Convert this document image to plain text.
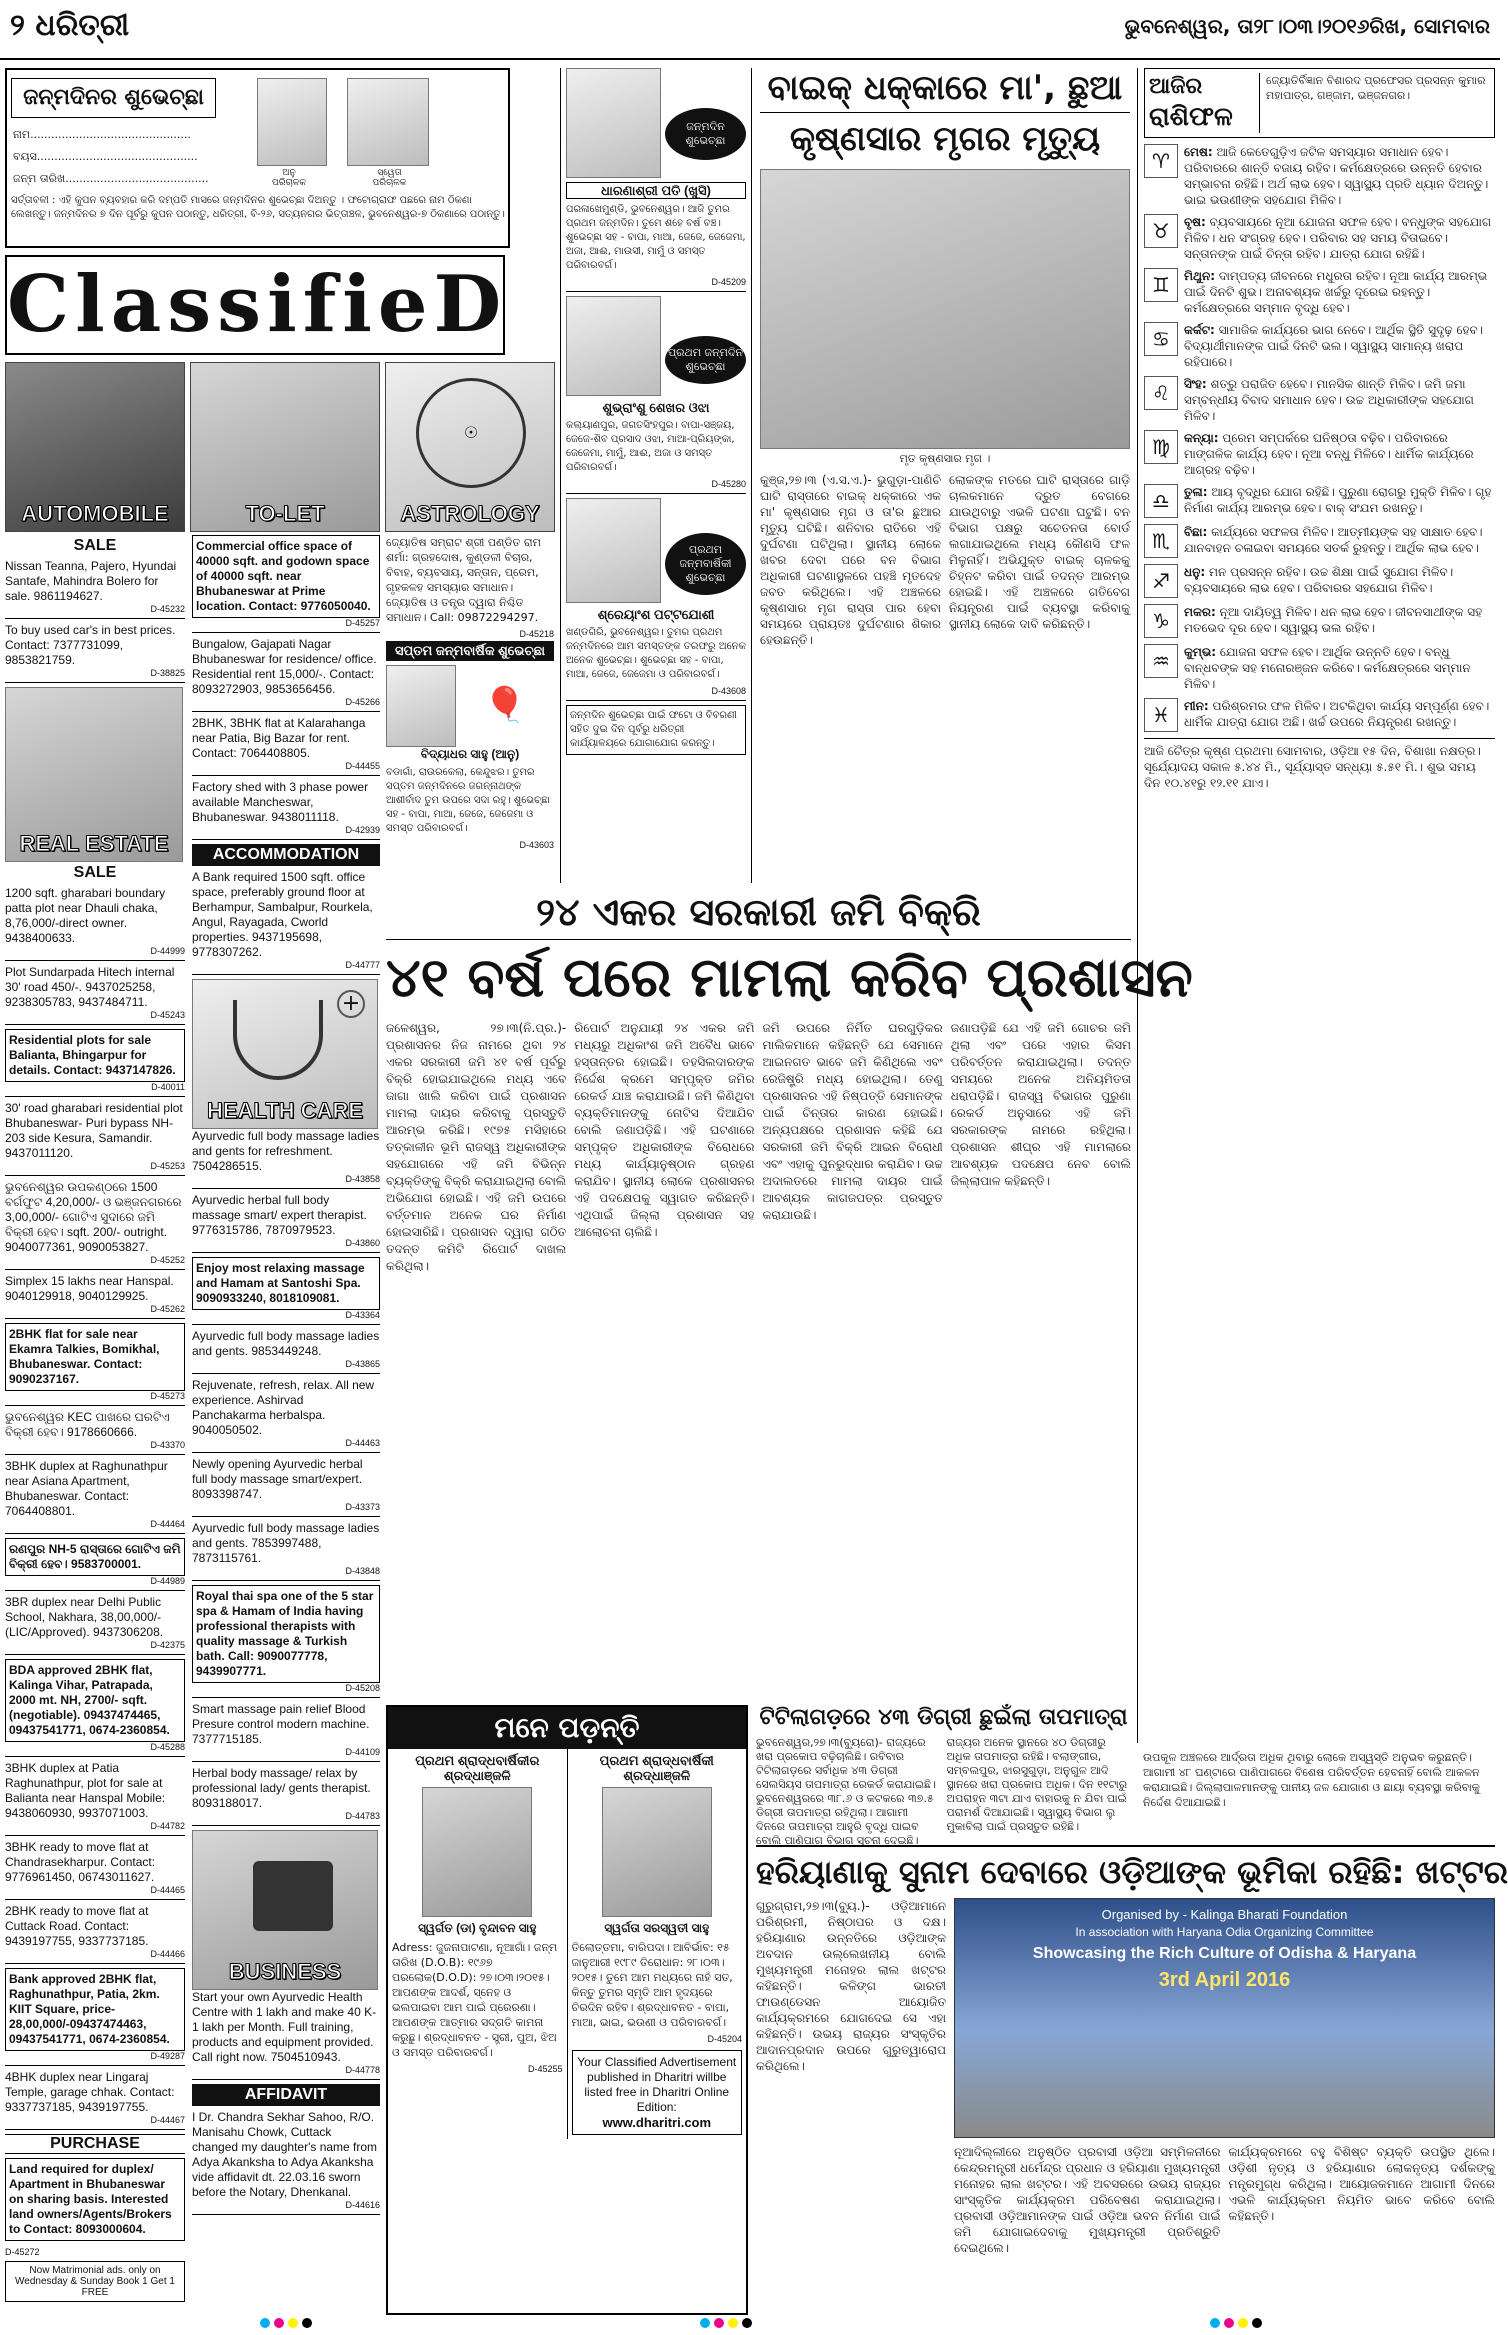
୨ ଧରିତ୍ରୀ	ଭୁବନେଶ୍ୱର, ତା୨୮।୦୩।୨୦୧୬ରିଖ, ସୋମବାର
ଜନ୍ମଦିନର ଶୁଭେଚ୍ଛା
ନାମ..............................................
ବୟସ..............................................
ଜନ୍ମ ତାରିଖ.........................................	ଅନୁ
ପରିଚାଳକ
ସ୍ୱେତା
ପରିଚାଳକ
ସର୍ତ୍ତାବଳୀ : ଏହି କୁପନ ବ୍ୟବହାର କରି ଦମ୍ପତି ମାସରେ ଜନ୍ମଦିନର ଶୁଭେଚ୍ଛା ଦିଅନ୍ତୁ । ଫଟୋଗ୍ରାଫ ପଛରେ ନାମ ଠିକଣା ଲେଖନ୍ତୁ। ଜନ୍ମଦିନର ୭ ଦିନ ପୂର୍ବରୁ କୁପନ ପଠାନ୍ତୁ, ଧରିତ୍ରୀ, ବି-୨୬, ସତ୍ୟନଗର ଭିତ୍ତାଞ୍ଚଳ, ଭୁବନେଶ୍ୱର-୭ ଠିକଣାରେ ପଠାନ୍ତୁ।
ClassifieD
AUTOMOBILE	TO-LET
☉
ASTROLOGY
SALE
Nissan Teanna, Pajero, Hyundai Santafe, Mahindra Bolero for sale. 9861194627.
D-45232
To buy used car's in best prices. Contact: 7377731099, 9853821759.
D-38825
REAL ESTATE
SALE
1200 sqft. gharabari boundary patta plot near Dhauli chaka, 8,76,000/-direct owner. 9438400633.
D-44999
Plot Sundarpada Hitech internal 30' road 450/-. 9437025258, 9238305783, 9437484711.
D-45243
Residential plots for sale Balianta, Bhingarpur for details. Contact: 9437147826.
D-40011
30' road gharabari residential plot Bhubaneswar- Puri bypass NH-203 side Kesura, Samandir. 9437011120.
D-45253
ଭୁବନେଶ୍ୱର ଉପକଣ୍ଠରେ 1500 ବର୍ଗଫୁଟ 4,20,000/- ଓ ଭଞ୍ଜନଗରରେ 3,00,000/- ଗୋଟିଏ ସୁଦାରେ ଜମି ବିକ୍ରୀ ହେବ। sqft. 200/- outright. 9040077361, 9090053827.
D-45252
Simplex 15 lakhs near Hanspal. 9040129918, 9040129925.
D-45262
2BHK flat for sale near Ekamra Talkies, Bomikhal, Bhubaneswar. Contact: 9090237167.
D-45273
ଭୁବନେଶ୍ୱର KEC ପାଖରେ ଘରଟିଏ ବିକ୍ରୀ ହେବ। 9178660666.
D-43370
3BHK duplex at Raghunathpur near Asiana Apartment, Bhubaneswar. Contact: 7064408801.
D-44464
ରଣପୁର NH-5 ରାସ୍ତାରେ ଗୋଟିଏ ଜମି ବିକ୍ରୀ ହେବ। 9583700001.
D-44989
3BR duplex near Delhi Public School, Nakhara, 38,00,000/- (LIC/Approved). 9437306208.
D-42375
BDA approved 2BHK flat, Kalinga Vihar, Patrapada, 2000 mt. NH, 2700/- sqft. (negotiable). 09437474465, 09437541771, 0674-2360854.
D-45288
3BHK duplex at Patia Raghunathpur, plot for sale at Balianta near Hanspal Mobile: 9438060930, 9937071003.
D-44782
3BHK ready to move flat at Chandrasekharpur. Contact: 9776961450, 06743011627.
D-44465
2BHK ready to move flat at Cuttack Road. Contact: 9439197755, 9337737185.
D-44466
Bank approved 2BHK flat, Raghunathpur, Patia, 2km. KIIT Square, price-28,00,000/-09437474463, 09437541771, 0674-2360854.
D-49287
4BHK duplex near Lingaraj Temple, garage chhak. Contact: 9337737185, 9439197755.
D-44467
PURCHASE
Land required for duplex/ Apartment in Bhubaneswar on sharing basis. Interested land owners/Agents/Brokers to Contact: 8093000604.
D-45272
Now Matrimonial ads. only on Wednesday & Sunday Book 1 Get 1 FREE
Commercial office space of 40000 sqft. and godown space of 40000 sqft. near Bhubaneswar at Prime location. Contact: 9776050040.
D-45257
Bungalow, Gajapati Nagar Bhubaneswar for residence/ office. Residential rent 15,000/-. Contact: 8093272903, 9853656456.
D-45266
2BHK, 3BHK flat at Kalarahanga near Patia, Big Bazar for rent. Contact: 7064408805.
D-44455
Factory shed with 3 phase power available Mancheswar, Bhubaneswar. 9438011118.
D-42939
ACCOMMODATION
A Bank required 1500 sqft. office space, preferably ground floor at Berhampur, Sambalpur, Rourkela, Angul, Rayagada, Cworld properties. 9437195698, 9778307262.
D-44777
+
HEALTH CARE
Ayurvedic full body massage ladies and gents for refreshment. 7504286515.
D-43858
Ayurvedic herbal full body massage smart/ expert therapist. 9776315786, 7870979523.
D-43860
Enjoy most relaxing massage and Hamam at Santoshi Spa. 9090933240, 8018109081.
D-43364
Ayurvedic full body massage ladies and gents. 9853449248.
D-43865
Rejuvenate, refresh, relax. All new experience. Ashirvad Panchakarma herbalspa. 9040050502.
D-44463
Newly opening Ayurvedic herbal full body massage smart/expert. 8093398747.
D-43373
Ayurvedic full body massage ladies and gents. 7853997488, 7873115761.
D-43848
Royal thai spa one of the 5 star spa & Hamam of India having professional therapists with quality massage & Turkish bath. Call: 9090077778, 9439907771.
D-45208
Smart massage pain relief Blood Presure control modern machine. 7377715185.
D-44109
Herbal body massage/ relax by professional lady/ gents therapist. 8093188017.
D-44783
BUSINESS
Start your own Ayurvedic Health Centre with 1 lakh and make 40 K-1 lakh per Month. Full training, products and equipment provided. Call right now. 7504510943.
D-44778
AFFIDAVIT
I Dr. Chandra Sekhar Sahoo, R/O. Manisahu Chowk, Cuttack changed my daughter's name from Adya Akanksha to Adya Akanksha vide affidavit dt. 22.03.16 sworn before the Notary, Dhenkanal.
D-44616
ଜ୍ୟୋତିଷ ସମ୍ରାଟ ଶ୍ରୀ ପଣ୍ଡିତ ରାମ ଶର୍ମା: ଗ୍ରହଦୋଷ, କୁଣ୍ଡଳୀ ବିଚାର, ବିବାହ, ବ୍ୟବସାୟ, ସନ୍ତାନ, ପ୍ରେମ, ଗୃହକଳହ ସମସ୍ୟାର ସମାଧାନ। ଜ୍ୟୋତିଷ ଓ ତନ୍ତ୍ର ଦ୍ୱାରା ନିଶ୍ଚିତ ସମାଧାନ। Call: 09872294297.
D-45218
ସପ୍ତମ ଜନ୍ମବାର୍ଷିକ ଶୁଭେଚ୍ଛା
🎈
ବିଦ୍ୟାଧର ସାହୁ (ଆନୁ)
ବଡାଗାଁ, ରାଉରକେଲା, କେନ୍ଦୁଝର। ତୁମର ସପ୍ତମ ଜନ୍ମଦିନରେ ଜଗନ୍ନାଥଙ୍କ ଆଶୀର୍ବାଦ ତୁମ ଉପରେ ସଦା ରହୁ। ଶୁଭେଚ୍ଛା ସହ - ବାପା, ମାଆ, ଜେଜେ, ଜେଜେମା ଓ ସମସ୍ତ ପରିବାରବର୍ଗ।
D-43603
ଜନ୍ମଦିନ ଶୁଭେଚ୍ଛା
ଧାରଣାଶ୍ରୀ ପତି (ଖୁସି)
ପରଳାଖେମୁଣ୍ଡି, ଭୁବନେଶ୍ୱର। ଆଜି ତୁମର ପ୍ରଥମ ଜନ୍ମଦିନ। ତୁମେ ଶହେ ବର୍ଷ ବଞ୍ଚ। ଶୁଭେଚ୍ଛା ସହ - ବାପା, ମାଆ, ଜେଜେ, ଜେଜେମା, ଅଜା, ଆଈ, ମାଉସୀ, ମାମୁଁ ଓ ସମସ୍ତ ପରିବାରବର୍ଗ।
D-45209
ପ୍ରଥମ ଜନ୍ମଦିନ ଶୁଭେଚ୍ଛା
ଶୁଭ୍ରାଂଶୁ ଶେଖର ଓଝା
କଲ୍ୟାଣପୁର, ଜଗତସିଂହପୁର। ବାପା-ସଞ୍ଜୟ, ଜେଜେ-ଶିବ ପ୍ରସାଦ ଓଝା, ମାଆ-ପ୍ରିୟଙ୍କା, ଜେଜେମା, ମାମୁଁ, ଆଈ, ଅଜା ଓ ସମସ୍ତ ପରିବାରବର୍ଗ।
D-45280
ପ୍ରଥମ ଜନ୍ମବାର୍ଷିକୀ ଶୁଭେଚ୍ଛା
ଶ୍ରେୟାଂଶ ପଟ୍ଟଯୋଶୀ
ଖଣ୍ଡଗିରି, ଭୁବନେଶ୍ୱର। ତୁମର ପ୍ରଥମ ଜନ୍ମଦିନରେ ଆମ ସମସ୍ତଙ୍କ ତରଫରୁ ଅନେକ ଅନେକ ଶୁଭେଚ୍ଛା। ଶୁଭେଚ୍ଛା ସହ - ବାପା, ମାଆ, ଜେଜେ, ଜେଜେମା ଓ ପରିବାରବର୍ଗ।
D-43608
ଜନ୍ମଦିନ ଶୁଭେଚ୍ଛା ପାଇଁ ଫଟୋ ଓ ବିବରଣୀ ସହିତ ଦୁଇ ଦିନ ପୂର୍ବରୁ ଧରିତ୍ରୀ କାର୍ଯ୍ୟାଳୟରେ ଯୋଗାଯୋଗ କରନ୍ତୁ।
ବାଇକ୍ ଧକ୍କାରେ ମା', ଛୁଆ
କୃଷ୍ଣସାର ମୃଗର ମୃତ୍ୟୁ
ମୃତ କୃଷ୍ଣସାର ମୃଗ ।
କୁଞ୍ଜ,୨୭।୩ (ଏ.ସ.ଏ.)- ଭୁଗୁଡ଼ା-ପାଣିଚି ଘାଟି ରାସ୍ତାରେ ବାଇକ୍ ଧକ୍କାରେ ଏକ ମା' କୃଷ୍ଣସାର ମୃଗ ଓ ତା'ର ଛୁଆର ମୃତ୍ୟୁ ଘଟିଛି। ଶନିବାର ରାତିରେ ଏହି ଦୁର୍ଘଟଣା ଘଟିଥିଲା। ସ୍ଥାନୀୟ ଲୋକେ ଖବର ଦେବା ପରେ ବନ ବିଭାଗ ଅଧିକାରୀ ଘଟଣାସ୍ଥଳରେ ପହଞ୍ଚି ମୃତଦେହ ଜବତ କରିଥିଲେ। ଏହି ଅଞ୍ଚଳରେ କୃଷ୍ଣସାର ମୃଗ ରାସ୍ତା ପାର ହେବା ସମୟରେ ପ୍ରାୟତଃ ଦୁର୍ଘଟଣାର ଶିକାର ହେଉଛନ୍ତି।
ଲୋକଙ୍କ ମତରେ ଘାଟି ରାସ୍ତାରେ ଗାଡ଼ି ଚାଲକମାନେ ଦ୍ରୁତ ବେଗରେ ଯାଉଥିବାରୁ ଏଭଳି ଘଟଣା ଘଟୁଛି। ବନ ବିଭାଗ ପକ୍ଷରୁ ସଚେତନତା ବୋର୍ଡ ଲଗାଯାଇଥିଲେ ମଧ୍ୟ କୌଣସି ଫଳ ମିଳୁନାହିଁ। ଅଭିଯୁକ୍ତ ବାଇକ୍ ଚାଳକକୁ ଚିହ୍ନଟ କରିବା ପାଇଁ ତଦନ୍ତ ଆରମ୍ଭ ହୋଇଛି। ଏହି ଅଞ୍ଚଳରେ ଗତିବେଗ ନିୟନ୍ତ୍ରଣ ପାଇଁ ବ୍ୟବସ୍ଥା କରିବାକୁ ସ୍ଥାନୀୟ ଲୋକେ ଦାବି କରିଛନ୍ତି।
ଆଜିର
ରାଶିଫଳ
ଜ୍ୟୋତିର୍ବିଜ୍ଞାନ ବିଶାରଦ ପ୍ରଫେସର ପ୍ରସନ୍ନ କୁମାର ମହାପାତ୍ର, ଗଞ୍ଜାମ, ଭଞ୍ଜନଗର।
♈	ମେଷ: ଆଜି କେତେଗୁଡ଼ିଏ ଜଟିଳ ସମସ୍ୟାର ସମାଧାନ ହେବ। ପରିବାରରେ ଶାନ୍ତି ବଜାୟ ରହିବ। କର୍ମକ୍ଷେତ୍ରରେ ଉନ୍ନତି ହେବାର ସମ୍ଭାବନା ରହିଛି। ଅର୍ଥ ଲାଭ ହେବ। ସ୍ୱାସ୍ଥ୍ୟ ପ୍ରତି ଧ୍ୟାନ ଦିଅନ୍ତୁ। ଭାଇ ଭଉଣୀଙ୍କ ସହଯୋଗ ମିଳିବ।
♉	ବୃଷ: ବ୍ୟବସାୟରେ ନୂଆ ଯୋଜନା ସଫଳ ହେବ। ବନ୍ଧୁଙ୍କ ସହଯୋଗ ମିଳିବ। ଧନ ସଂଗ୍ରହ ହେବ। ପରିବାର ସହ ସମୟ ବିତାଇବେ। ସନ୍ତାନଙ୍କ ପାଇଁ ଚିନ୍ତା ରହିବ। ଯାତ୍ରା ଯୋଗ ରହିଛି।
♊	ମିଥୁନ: ଦାମ୍ପତ୍ୟ ଜୀବନରେ ମଧୁରତା ରହିବ। ନୂଆ କାର୍ଯ୍ୟ ଆରମ୍ଭ ପାଇଁ ଦିନଟି ଶୁଭ। ଅନାବଶ୍ୟକ ଖର୍ଚ୍ଚରୁ ଦୂରେଇ ରହନ୍ତୁ। କର୍ମକ୍ଷେତ୍ରରେ ସମ୍ମାନ ବୃଦ୍ଧି ହେବ।
♋	କର୍କଟ: ସାମାଜିକ କାର୍ଯ୍ୟରେ ଭାଗ ନେବେ। ଆର୍ଥିକ ସ୍ଥିତି ସୁଦୃଢ଼ ହେବ। ବିଦ୍ୟାର୍ଥୀମାନଙ୍କ ପାଇଁ ଦିନଟି ଭଲ। ସ୍ୱାସ୍ଥ୍ୟ ସାମାନ୍ୟ ଖରାପ ରହିପାରେ।
♌	ସିଂହ: ଶତ୍ରୁ ପରାଜିତ ହେବେ। ମାନସିକ ଶାନ୍ତି ମିଳିବ। ଜମି ଜମା ସମ୍ବନ୍ଧୀୟ ବିବାଦ ସମାଧାନ ହେବ। ଉଚ୍ଚ ଅଧିକାରୀଙ୍କ ସହଯୋଗ ମିଳିବ।
♍	କନ୍ୟା: ପ୍ରେମ ସମ୍ପର୍କରେ ଘନିଷ୍ଠତା ବଢ଼ିବ। ପରିବାରରେ ମାଙ୍ଗଳିକ କାର୍ଯ୍ୟ ହେବ। ନୂଆ ବନ୍ଧୁ ମିଳିବେ। ଧାର୍ମିକ କାର୍ଯ୍ୟରେ ଆଗ୍ରହ ବଢ଼ିବ।
♎	ତୁଳା: ଆୟ ବୃଦ୍ଧିର ଯୋଗ ରହିଛି। ପୁରୁଣା ରୋଗରୁ ମୁକ୍ତି ମିଳିବ। ଗୃହ ନିର୍ମାଣ କାର୍ଯ୍ୟ ଆରମ୍ଭ ହେବ। ବାକ୍ ସଂଯମ ରଖନ୍ତୁ।
♏	ବିଛା: କାର୍ଯ୍ୟରେ ସଫଳତା ମିଳିବ। ଆତ୍ମୀୟଙ୍କ ସହ ସାକ୍ଷାତ ହେବ। ଯାନବାହନ ଚଳାଇବା ସମୟରେ ସତର୍କ ରୁହନ୍ତୁ। ଆର୍ଥିକ ଲାଭ ହେବ।
♐	ଧନୁ: ମନ ପ୍ରସନ୍ନ ରହିବ। ଉଚ୍ଚ ଶିକ୍ଷା ପାଇଁ ସୁଯୋଗ ମିଳିବ। ବ୍ୟବସାୟରେ ଲାଭ ହେବ। ପରିବାରର ସହଯୋଗ ମିଳିବ।
♑	ମକର: ନୂଆ ଦାୟିତ୍ୱ ମିଳିବ। ଧନ ଲାଭ ହେବ। ଜୀବନସାଥୀଙ୍କ ସହ ମତଭେଦ ଦୂର ହେବ। ସ୍ୱାସ୍ଥ୍ୟ ଭଲ ରହିବ।
♒	କୁମ୍ଭ: ଯୋଜନା ସଫଳ ହେବ। ଆର୍ଥିକ ଉନ୍ନତି ହେବ। ବନ୍ଧୁ ବାନ୍ଧବଙ୍କ ସହ ମନୋରଞ୍ଜନ କରିବେ। କର୍ମକ୍ଷେତ୍ରରେ ସମ୍ମାନ ମିଳିବ।
♓	ମୀନ: ପରିଶ୍ରମର ଫଳ ମିଳିବ। ଅଟକିଥିବା କାର୍ଯ୍ୟ ସମ୍ପୂର୍ଣ୍ଣ ହେବ। ଧାର୍ମିକ ଯାତ୍ରା ଯୋଗ ଅଛି। ଖର୍ଚ୍ଚ ଉପରେ ନିୟନ୍ତ୍ରଣ ରଖନ୍ତୁ।
ଆଜି ଚୈତ୍ର କୃଷ୍ଣ ପ୍ରଥମା ସୋମବାର, ଓଡ଼ିଆ ୧୫ ଦିନ, ବିଶାଖା ନକ୍ଷତ୍ର। ସୂର୍ଯ୍ୟୋଦୟ ସକାଳ ୫.୪୪ ମି., ସୂର୍ଯ୍ୟାସ୍ତ ସନ୍ଧ୍ୟା ୫.୫୧ ମି.। ଶୁଭ ସମୟ ଦିନ ୧୦.୪୧ରୁ ୧୨.୧୧ ଯାଏ।
୨୪ ଏକର ସରକାରୀ ଜମି ବିକ୍ରି
୪୧ ବର୍ଷ ପରେ ମାମଲା କରିବ ପ୍ରଶାସନ
ଜଳେଶ୍ୱର, ୨୭।୩(ନି.ପ୍ର.)- ପ୍ରଶାସନର ନିଜ ନାମରେ ଥିବା ୨୪ ଏକର ସରକାରୀ ଜମି ୪୧ ବର୍ଷ ପୂର୍ବରୁ ବିକ୍ରି ହୋଇଯାଇଥିଲେ ମଧ୍ୟ ଏବେ ଜାଗା ଖାଲି କରିବା ପାଇଁ ପ୍ରଶାସନ ମାମଲା ଦାୟର କରିବାକୁ ପ୍ରସ୍ତୁତି ଆରମ୍ଭ କରିଛି। ୧୯୭୫ ମସିହାରେ ତତ୍କାଳୀନ ଭୂମି ରାଜସ୍ୱ ଅଧିକାରୀଙ୍କ ସହଯୋଗରେ ଏହି ଜମି ବିଭିନ୍ନ ବ୍ୟକ୍ତିଙ୍କୁ ବିକ୍ରି କରାଯାଇଥିଲା ବୋଲି ଅଭିଯୋଗ ହୋଇଛି। ଏହି ଜମି ଉପରେ ବର୍ତ୍ତମାନ ଅନେକ ଘର ନିର୍ମାଣ ହୋଇସାରିଛି। ପ୍ରଶାସନ ଦ୍ୱାରା ଗଠିତ ତଦନ୍ତ କମିଟି ରିପୋର୍ଟ ଦାଖଲ କରିଥିଲା।
ରିପୋର୍ଟ ଅନୁଯାୟୀ ୨୪ ଏକର ଜମି ମଧ୍ୟରୁ ଅଧିକାଂଶ ଜମି ଅବୈଧ ଭାବେ ହସ୍ତାନ୍ତର ହୋଇଛି। ତହସିଲଦାରଙ୍କ ନିର୍ଦ୍ଦେଶ କ୍ରମେ ସମ୍ପୃକ୍ତ ଜମିର ରେକର୍ଡ ଯାଞ୍ଚ କରାଯାଉଛି। ଜମି କିଣିଥିବା ବ୍ୟକ୍ତିମାନଙ୍କୁ ନୋଟିସ ଦିଆଯିବ ବୋଲି ଜଣାପଡ଼ିଛି। ଏହି ଘଟଣାରେ ସମ୍ପୃକ୍ତ ଅଧିକାରୀଙ୍କ ବିରୋଧରେ ମଧ୍ୟ କାର୍ଯ୍ୟାନୁଷ୍ଠାନ ଗ୍ରହଣ କରାଯିବ। ସ୍ଥାନୀୟ ଲୋକେ ପ୍ରଶାସନର ଏହି ପଦକ୍ଷେପକୁ ସ୍ୱାଗତ କରିଛନ୍ତି। ଏଥିପାଇଁ ଜିଲ୍ଲା ପ୍ରଶାସନ ସହ ଆଲୋଚନା ଚାଲିଛି।
ଜମି ଉପରେ ନିର୍ମିତ ଘରଗୁଡ଼ିକର ମାଲିକମାନେ କହିଛନ୍ତି ଯେ ସେମାନେ ଆଇନଗତ ଭାବେ ଜମି କିଣିଥିଲେ ଏବଂ ରେଜିଷ୍ଟ୍ରି ମଧ୍ୟ ହୋଇଥିଲା। ତେଣୁ ପ୍ରଶାସନର ଏହି ନିଷ୍ପତ୍ତି ସେମାନଙ୍କ ପାଇଁ ଚିନ୍ତାର କାରଣ ହୋଇଛି। ଅନ୍ୟପକ୍ଷରେ ପ୍ରଶାସନ କହିଛି ଯେ ସରକାରୀ ଜମି ବିକ୍ରି ଆଇନ ବିରୋଧୀ ଏବଂ ଏହାକୁ ପୁନରୁଦ୍ଧାର କରାଯିବ। ଉଚ୍ଚ ଅଦାଲତରେ ମାମଲା ଦାୟର ପାଇଁ ଆବଶ୍ୟକ କାଗଜପତ୍ର ପ୍ରସ୍ତୁତ କରାଯାଉଛି।
ଜଣାପଡ଼ିଛି ଯେ ଏହି ଜମି ଗୋଚର ଜମି ଥିଲା ଏବଂ ପରେ ଏହାର କିସମ ପରିବର୍ତ୍ତନ କରାଯାଇଥିଲା। ତଦନ୍ତ ସମୟରେ ଅନେକ ଅନିୟମିତତା ଧରାପଡ଼ିଛି। ରାଜସ୍ୱ ବିଭାଗର ପୁରୁଣା ରେକର୍ଡ ଅନୁସାରେ ଏହି ଜମି ସରକାରଙ୍କ ନାମରେ ରହିଥିଲା। ପ୍ରଶାସନ ଶୀଘ୍ର ଏହି ମାମଲାରେ ଆବଶ୍ୟକ ପଦକ୍ଷେପ ନେବ ବୋଲି ଜିଲ୍ଲାପାଳ କହିଛନ୍ତି।
ମନେ ପଡ଼ନ୍ତି
ପ୍ରଥମ ଶ୍ରାଦ୍ଧବାର୍ଷିକୀର ଶ୍ରଦ୍ଧାଞ୍ଜଳି
ସ୍ୱର୍ଗତ (ଡା) ବୃନ୍ଦାବନ ସାହୁ
Adress: ଜୁଜନାପାଟଣା, ନୂଆଗାଁ। ଜନ୍ମ ତାରିଖ (D.O.B): ୧୯୬୭ ପରଲୋକ(D.O.D): ୨୭।୦୩।୨୦୧୫। ଆପଣଙ୍କ ଆଦର୍ଶ, ସ୍ନେହ ଓ ଭଲପାଇବା ଆମ ପାଇଁ ପ୍ରେରଣା। ଆପଣଙ୍କ ଆତ୍ମାର ସଦ୍ଗତି କାମନା କରୁଛୁ। ଶ୍ରଦ୍ଧାବନତ - ସ୍ତ୍ରୀ, ପୁଅ, ଝିଅ ଓ ସମସ୍ତ ପରିବାରବର୍ଗ।
D-45255
ପ୍ରଥମ ଶ୍ରାଦ୍ଧବାର୍ଷିକୀ ଶ୍ରଦ୍ଧାଞ୍ଜଳି
ସ୍ୱର୍ଗତା ସରସ୍ୱତୀ ସାହୁ
ତିଲୋତ୍ତମା, ବାରିପଦା। ଆବିର୍ଭାବ: ୧୫ ଜାନୁଆରୀ ୧୯୮୯ ତିରୋଧାନ: ୨୮।୦୩।୨୦୧୫। ତୁମେ ଆମ ମଧ୍ୟରେ ନାହଁ ସତ, କିନ୍ତୁ ତୁମର ସ୍ମୃତି ଆମ ହୃଦୟରେ ଚିରଦିନ ରହିବ। ଶ୍ରଦ୍ଧାବନତ - ବାପା, ମାଆ, ଭାଇ, ଭଉଣୀ ଓ ପରିବାରବର୍ଗ।
D-45204
Your Classified Advertisement published in Dharitri willbe listed free in Dharitri Online Edition:
www.dharitri.com
ଟିଟିଲାଗଡ଼ରେ ୪୩ ଡିଗ୍ରୀ ଛୁଇଁଲା ତାପମାତ୍ରା
ଭୁବନେଶ୍ୱର,୨୭।୩(ବ୍ୟୁରୋ)- ରାଜ୍ୟରେ ଖରା ପ୍ରକୋପ ବଢ଼ିଚାଲିଛି। ରବିବାର ଟିଟିଲାଗଡ଼ରେ ସର୍ବାଧିକ ୪୩ ଡିଗ୍ରୀ ସେଲସିୟସ ତାପମାତ୍ରା ରେକର୍ଡ କରାଯାଇଛି। ଭୁବନେଶ୍ୱରରେ ୩୮.୬ ଓ କଟକରେ ୩୭.୫ ଡିଗ୍ରୀ ତାପମାତ୍ରା ରହିଥିଲା। ଆଗାମୀ ଦିନରେ ତାପମାତ୍ରା ଆହୁରି ବୃଦ୍ଧି ପାଇବ ବୋଲି ପାଣିପାଗ ବିଭାଗ ସୂଚନା ଦେଇଛି।
ରାଜ୍ୟର ଅନେକ ସ୍ଥାନରେ ୪୦ ଡିଗ୍ରୀରୁ ଅଧିକ ତାପମାତ୍ରା ରହିଛି। ବଲାଙ୍ଗୀର, ସମ୍ବଲପୁର, ଝାରସୁଗୁଡ଼ା, ଅନୁଗୁଳ ଆଦି ସ୍ଥାନରେ ଖରା ପ୍ରକୋପ ଅଧିକ। ଦିନ ୧୧ଟାରୁ ଅପରାହ୍ନ ୩ଟା ଯାଏ ବାହାରକୁ ନ ଯିବା ପାଇଁ ପରାମର୍ଶ ଦିଆଯାଇଛି। ସ୍ୱାସ୍ଥ୍ୟ ବିଭାଗ ଲୁ ମୁକାବିଲା ପାଇଁ ପ୍ରସ୍ତୁତ ରହିଛି।
ଉପକୂଳ ଅଞ୍ଚଳରେ ଆର୍ଦ୍ରତା ଅଧିକ ଥିବାରୁ ଲୋକେ ଅସ୍ୱସ୍ତି ଅନୁଭବ କରୁଛନ୍ତି। ଆଗାମୀ ୪୮ ଘଣ୍ଟାରେ ପାଣିପାଗରେ ବିଶେଷ ପରିବର୍ତ୍ତନ ହେବନାହିଁ ବୋଲି ଆକଳନ କରାଯାଇଛି। ଜିଲ୍ଲାପାଳମାନଙ୍କୁ ପାନୀୟ ଜଳ ଯୋଗାଣ ଓ ଛାୟା ବ୍ୟବସ୍ଥା କରିବାକୁ ନିର୍ଦ୍ଦେଶ ଦିଆଯାଇଛି।
ହରିୟାଣାକୁ ସୁନାମ ଦେବାରେ ଓଡ଼ିଆଙ୍କ ଭୂମିକା ରହିଛି: ଖଟ୍ଟର
ଗୁରୁଗ୍ରାମ,୨୭।୩(ବ୍ୟୁ.)- ଓଡ଼ିଆମାନେ ପରିଶ୍ରମୀ, ନିଷ୍ଠାପର ଓ ଦକ୍ଷ। ହରିୟାଣାର ଉନ୍ନତିରେ ଓଡ଼ିଆଙ୍କ ଅବଦାନ ଉଲ୍ଲେଖନୀୟ ବୋଲି ମୁଖ୍ୟମନ୍ତ୍ରୀ ମନୋହର ଲାଲ ଖଟ୍ଟର କହିଛନ୍ତି। କଳିଙ୍ଗ ଭାରତୀ ଫାଉଣ୍ଡେସନ ଆୟୋଜିତ କାର୍ଯ୍ୟକ୍ରମରେ ଯୋଗଦେଇ ସେ ଏହା କହିଛନ୍ତି। ଉଭୟ ରାଜ୍ୟର ସଂସ୍କୃତିର ଆଦାନପ୍ରଦାନ ଉପରେ ଗୁରୁତ୍ୱାରୋପ କରିଥିଲେ।
Organised by - Kalinga Bharati Foundation
In association with Haryana Odia Organizing Committee
Showcasing the Rich Culture of Odisha & Haryana
3rd April 2016
ନୂଆଦିଲ୍ଲୀରେ ଅନୁଷ୍ଠିତ ପ୍ରବାସୀ ଓଡ଼ିଆ ସମ୍ମିଳନୀରେ କେନ୍ଦ୍ରମନ୍ତ୍ରୀ ଧର୍ମେନ୍ଦ୍ର ପ୍ରଧାନ ଓ ହରିୟାଣା ମୁଖ୍ୟମନ୍ତ୍ରୀ ମନୋହର ଲାଲ ଖଟ୍ଟର। ଏହି ଅବସରରେ ଉଭୟ ରାଜ୍ୟର ସାଂସ୍କୃତିକ କାର୍ଯ୍ୟକ୍ରମ ପରିବେଷଣ କରାଯାଇଥିଲା। ପ୍ରବାସୀ ଓଡ଼ିଆମାନଙ୍କ ପାଇଁ ଓଡ଼ିଆ ଭବନ ନିର୍ମାଣ ପାଇଁ ଜମି ଯୋଗାଇଦେବାକୁ ମୁଖ୍ୟମନ୍ତ୍ରୀ ପ୍ରତିଶ୍ରୁତି ଦେଇଥିଲେ।
କାର୍ଯ୍ୟକ୍ରମରେ ବହୁ ବିଶିଷ୍ଟ ବ୍ୟକ୍ତି ଉପସ୍ଥିତ ଥିଲେ। ଓଡ଼ିଶୀ ନୃତ୍ୟ ଓ ହରିୟାଣାର ଲୋକନୃତ୍ୟ ଦର୍ଶକଙ୍କୁ ମନ୍ତ୍ରମୁଗ୍ଧ କରିଥିଲା। ଆୟୋଜକମାନେ ଆଗାମୀ ଦିନରେ ଏଭଳି କାର୍ଯ୍ୟକ୍ରମ ନିୟମିତ ଭାବେ କରିବେ ବୋଲି କହିଛନ୍ତି।
